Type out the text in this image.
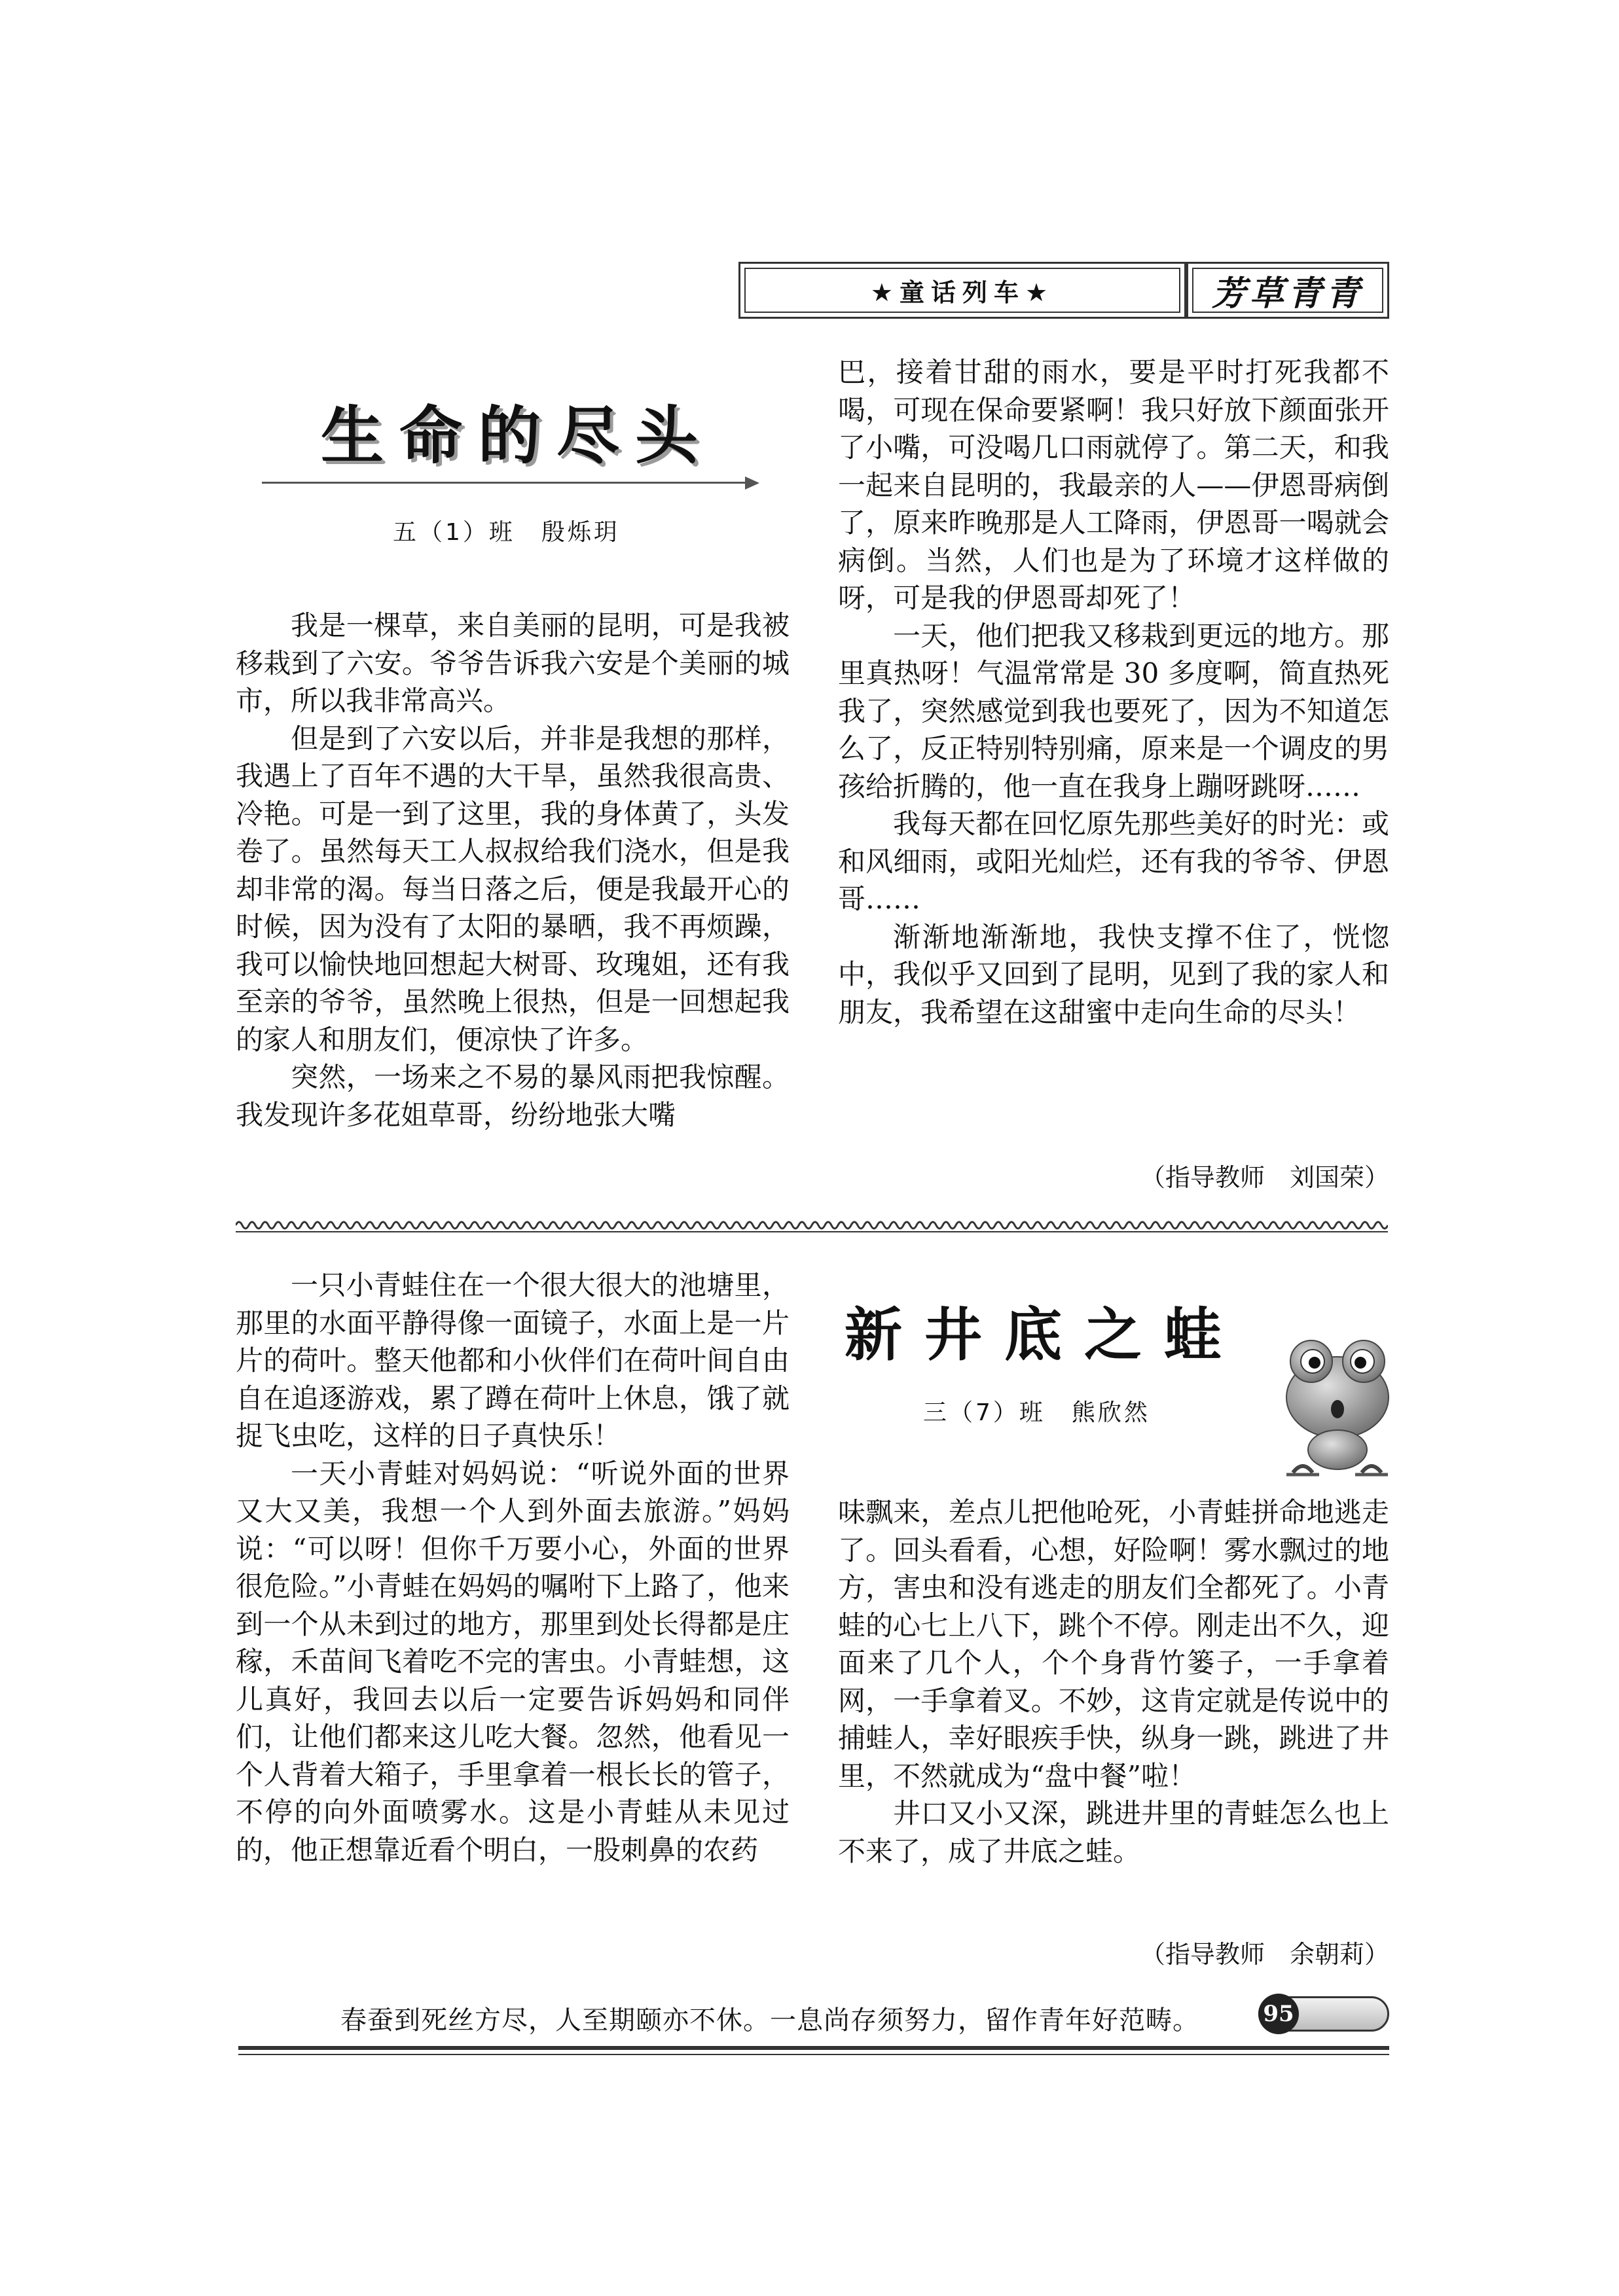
★童话列车★	芳草青青
生命的尽头
五（1）班　殷烁玥

我是一棵草，来自美丽的昆明，可是我被移栽到了六安。爷爷告诉我六安是个美丽的城市，所以我非常高兴。

但是到了六安以后，并非是我想的那样，我遇上了百年不遇的大干旱，虽然我很高贵、冷艳。可是一到了这里，我的身体黄了，头发卷了。虽然每天工人叔叔给我们浇水，但是我却非常的渴。每当日落之后，便是我最开心的时候，因为没有了太阳的暴晒，我不再烦躁，我可以愉快地回想起大树哥、玫瑰姐，还有我至亲的爷爷，虽然晚上很热，但是一回想起我的家人和朋友们，便凉快了许多。

突然，一场来之不易的暴风雨把我惊醒。我发现许多花姐草哥，纷纷地张大嘴

巴，接着甘甜的雨水，要是平时打死我都不喝，可现在保命要紧啊！我只好放下颜面张开了小嘴，可没喝几口雨就停了。第二天，和我一起来自昆明的，我最亲的人——伊恩哥病倒了，原来昨晚那是人工降雨，伊恩哥一喝就会病倒。当然，人们也是为了环境才这样做的呀，可是我的伊恩哥却死了！

一天，他们把我又移栽到更远的地方。那里真热呀！气温常常是 30 多度啊，简直热死我了，突然感觉到我也要死了，因为不知道怎么了，反正特别特别痛，原来是一个调皮的男孩给折腾的，他一直在我身上蹦呀跳呀……

我每天都在回忆原先那些美好的时光：或和风细雨，或阳光灿烂，还有我的爷爷、伊恩哥……

渐渐地渐渐地，我快支撑不住了，恍惚中，我似乎又回到了昆明，见到了我的家人和朋友，我希望在这甜蜜中走向生命的尽头！

（指导教师　刘国荣）

一只小青蛙住在一个很大很大的池塘里，那里的水面平静得像一面镜子，水面上是一片片的荷叶。整天他都和小伙伴们在荷叶间自由自在追逐游戏，累了蹲在荷叶上休息，饿了就捉飞虫吃，这样的日子真快乐！

一天小青蛙对妈妈说：“听说外面的世界又大又美，我想一个人到外面去旅游。”妈妈说：“可以呀！但你千万要小心，外面的世界很危险。”小青蛙在妈妈的嘱咐下上路了，他来到一个从未到过的地方，那里到处长得都是庄稼，禾苗间飞着吃不完的害虫。小青蛙想，这儿真好，我回去以后一定要告诉妈妈和同伴们，让他们都来这儿吃大餐。忽然，他看见一个人背着大箱子，手里拿着一根长长的管子，不停的向外面喷雾水。这是小青蛙从未见过的，他正想靠近看个明白，一股刺鼻的农药

新井底之蛙
三（7）班　熊欣然

味飘来，差点儿把他呛死，小青蛙拼命地逃走了。回头看看，心想，好险啊！雾水飘过的地方，害虫和没有逃走的朋友们全都死了。小青蛙的心七上八下，跳个不停。刚走出不久，迎面来了几个人，个个身背竹篓子，一手拿着网，一手拿着叉。不妙，这肯定就是传说中的捕蛙人，幸好眼疾手快，纵身一跳，跳进了井里，不然就成为“盘中餐”啦！

井口又小又深，跳进井里的青蛙怎么也上不来了，成了井底之蛙。

（指导教师　余朝莉）
春蚕到死丝方尽，人至期颐亦不休。一息尚存须努力，留作青年好范畴。	95
